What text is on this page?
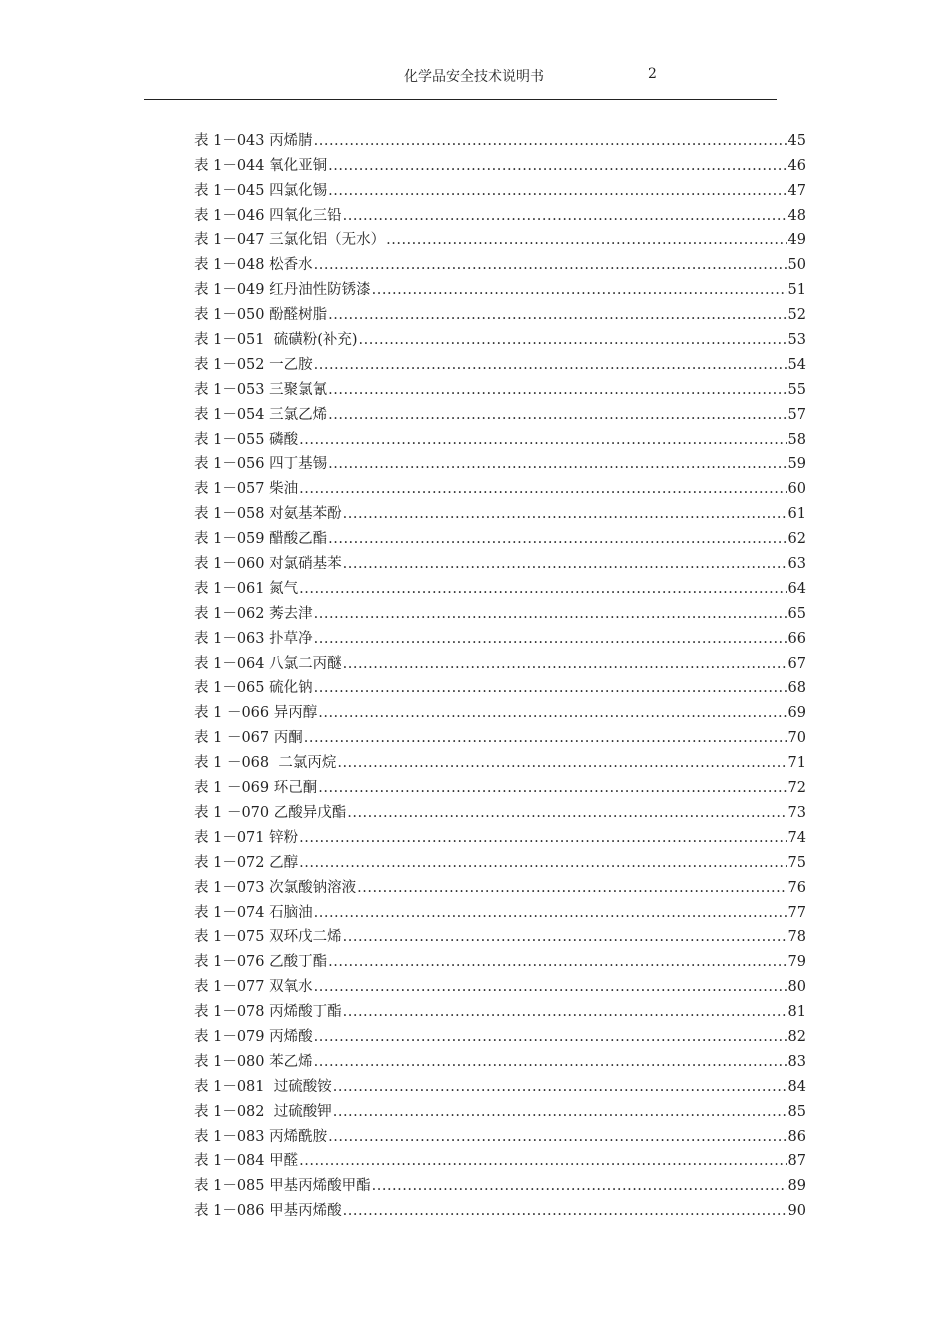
化学品安全技术说明书	2
表 1－043 丙烯腈 .....	45
表 1－044 氧化亚铜 .....	46
表 1－045 四氯化锡 .....	47
表 1－046 四氧化三铅 .....	48
表 1－047 三氯化铝（无水） .....	49
表 1－048 松香水 .....	50
表 1－049 红丹油性防锈漆 .....	51
表 1－050 酚醛树脂 .....	52
表 1－051  硫磺粉(补充) .....	53
表 1－052 一乙胺 .....	54
表 1－053 三聚氯氰 .....	55
表 1－054 三氯乙烯 .....	57
表 1－055 磷酸 .....	58
表 1－056 四丁基锡 .....	59
表 1－057 柴油 .....	60
表 1－058 对氨基苯酚 .....	61
表 1－059 醋酸乙酯 .....	62
表 1－060 对氯硝基苯 .....	63
表 1－061 氮气 .....	64
表 1－062 莠去津 .....	65
表 1－063 扑草净 .....	66
表 1－064 八氯二丙醚 .....	67
表 1－065 硫化钠 .....	68
表 1 －066 异丙醇 .....	69
表 1 －067 丙酮 .....	70
表 1 －068  二氯丙烷 .....	71
表 1 －069 环己酮 .....	72
表 1 －070 乙酸异戊酯 .....	73
表 1－071 锌粉 .....	74
表 1－072 乙醇 .....	75
表 1－073 次氯酸钠溶液 .....	76
表 1－074 石脑油 .....	77
表 1－075 双环戊二烯 .....	78
表 1－076 乙酸丁酯 .....	79
表 1－077 双氧水 .....	80
表 1－078 丙烯酸丁酯 .....	81
表 1－079 丙烯酸 .....	82
表 1－080 苯乙烯 .....	83
表 1－081  过硫酸铵 .....	84
表 1－082  过硫酸钾 .....	85
表 1－083 丙烯酰胺 .....	86
表 1－084 甲醛 .....	87
表 1－085 甲基丙烯酸甲酯 .....	89
表 1－086 甲基丙烯酸 .....	90
